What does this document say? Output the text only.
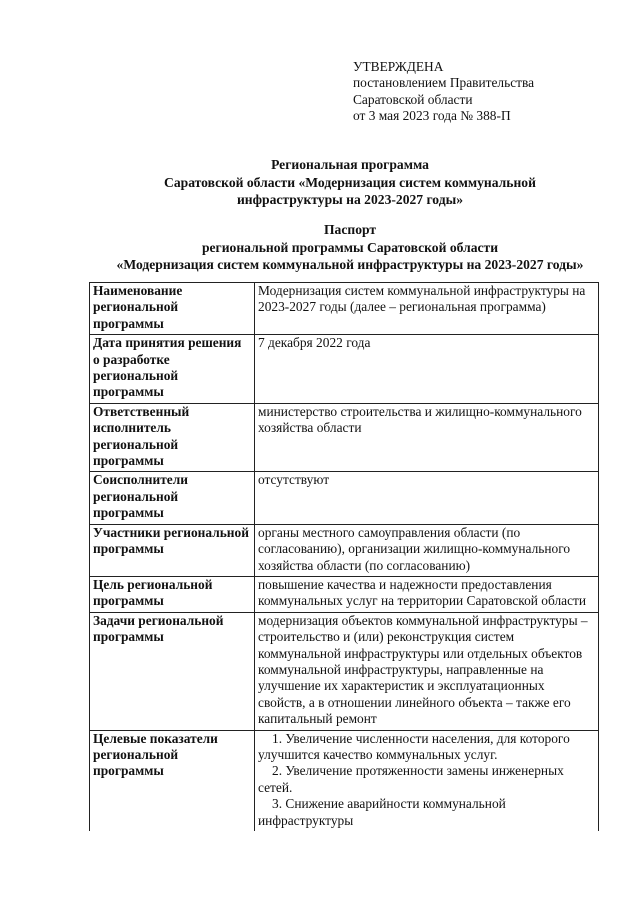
УТВЕРЖДЕНА
постановлением Правительства
Саратовской области
от 3 мая 2023 года № 388-П
Региональная программа
Саратовской области «Модернизация систем коммунальной
инфраструктуры на 2023-2027 годы»
Паспорт
региональной программы Саратовской области
«Модернизация систем коммунальной инфраструктуры на 2023-2027 годы»
Наименование региональной программы	Модернизация систем коммунальной инфраструктуры на 2023-2027 годы (далее – региональная программа)
Дата принятия решения о разработке региональной программы	7 декабря 2022 года
Ответственный исполнитель региональной программы	министерство строительства и жилищно-коммунального хозяйства области
Соисполнители региональной программы	отсутствуют
Участники региональной программы	органы местного самоуправления области (по согласованию), организации жилищно-коммунального хозяйства области (по согласованию)
Цель региональной программы	повышение качества и надежности предоставления коммунальных услуг на территории Саратовской области
Задачи региональной программы	модернизация объектов коммунальной инфраструктуры – строительство и (или) реконструкция систем коммунальной инфраструктуры или отдельных объектов коммунальной инфраструктуры, направленные на улучшение их характеристик и эксплуатационных свойств, а в отношении линейного объекта – также его капитальный ремонт
Целевые показатели региональной программы	1. Увеличение численности населения, для которого улучшится качество коммунальных услуг.
2. Увеличение протяженности замены инженерных сетей.
3. Снижение аварийности коммунальной инфраструктуры
